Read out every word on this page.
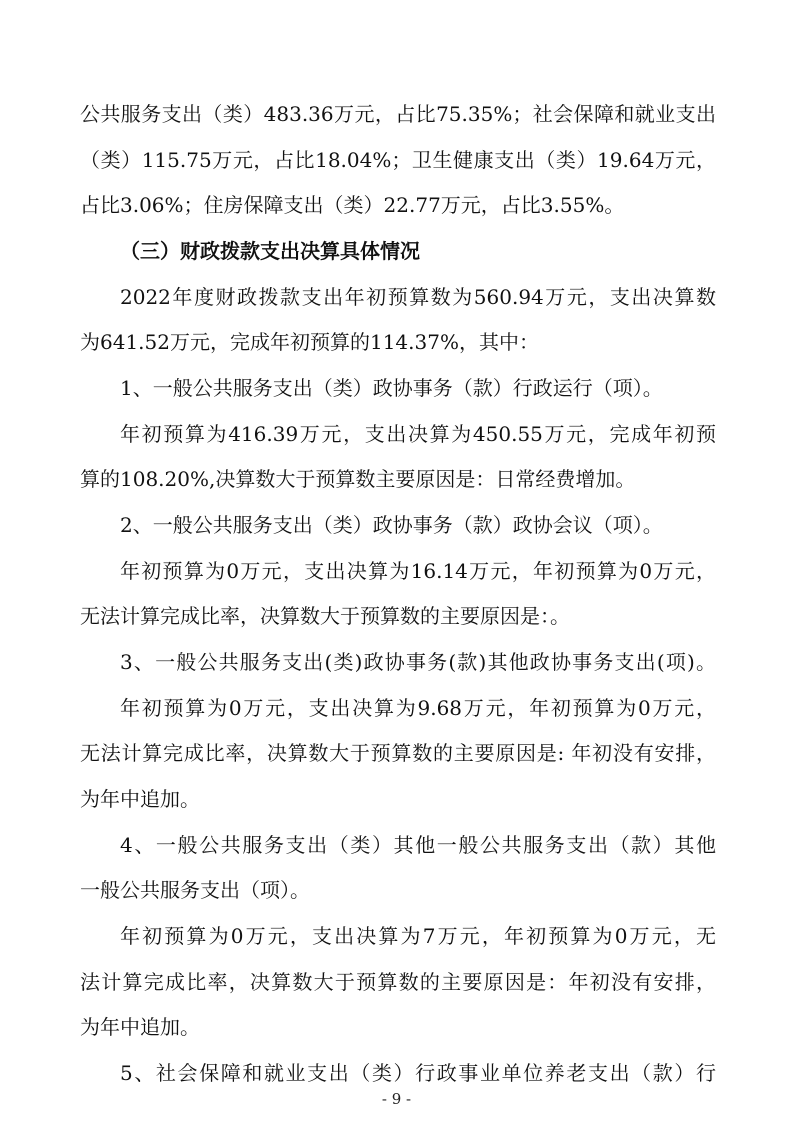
公共服务支出（类）483.36万元，占比75.35%；社会保障和就业支出
（类）115.75万元，占比18.04%；卫生健康支出（类）19.64万元，
占比3.06%；住房保障支出（类）22.77万元，占比3.55%。
（三）财政拨款支出决算具体情况
2022年度财政拨款支出年初预算数为560.94万元，支出决算数
为641.52万元，完成年初预算的114.37%，其中：
1、一般公共服务支出（类）政协事务（款）行政运行（项）。
年初预算为416.39万元，支出决算为450.55万元，完成年初预
算的108.20%,决算数大于预算数主要原因是：日常经费增加。
2、一般公共服务支出（类）政协事务（款）政协会议（项）。
年初预算为0万元，支出决算为16.14万元，年初预算为0万元，
无法计算完成比率，决算数大于预算数的主要原因是：。
3、一般公共服务支出(类)政协事务(款)其他政协事务支出(项)。
年初预算为0万元，支出决算为9.68万元，年初预算为0万元，
无法计算完成比率，决算数大于预算数的主要原因是: 年初没有安排，
为年中追加。
4、一般公共服务支出（类）其他一般公共服务支出（款）其他
一般公共服务支出（项）。
年初预算为0万元，支出决算为7万元，年初预算为0万元，无
法计算完成比率，决算数大于预算数的主要原因是：年初没有安排，
为年中追加。
5、社会保障和就业支出（类）行政事业单位养老支出（款）行
- 9 -
